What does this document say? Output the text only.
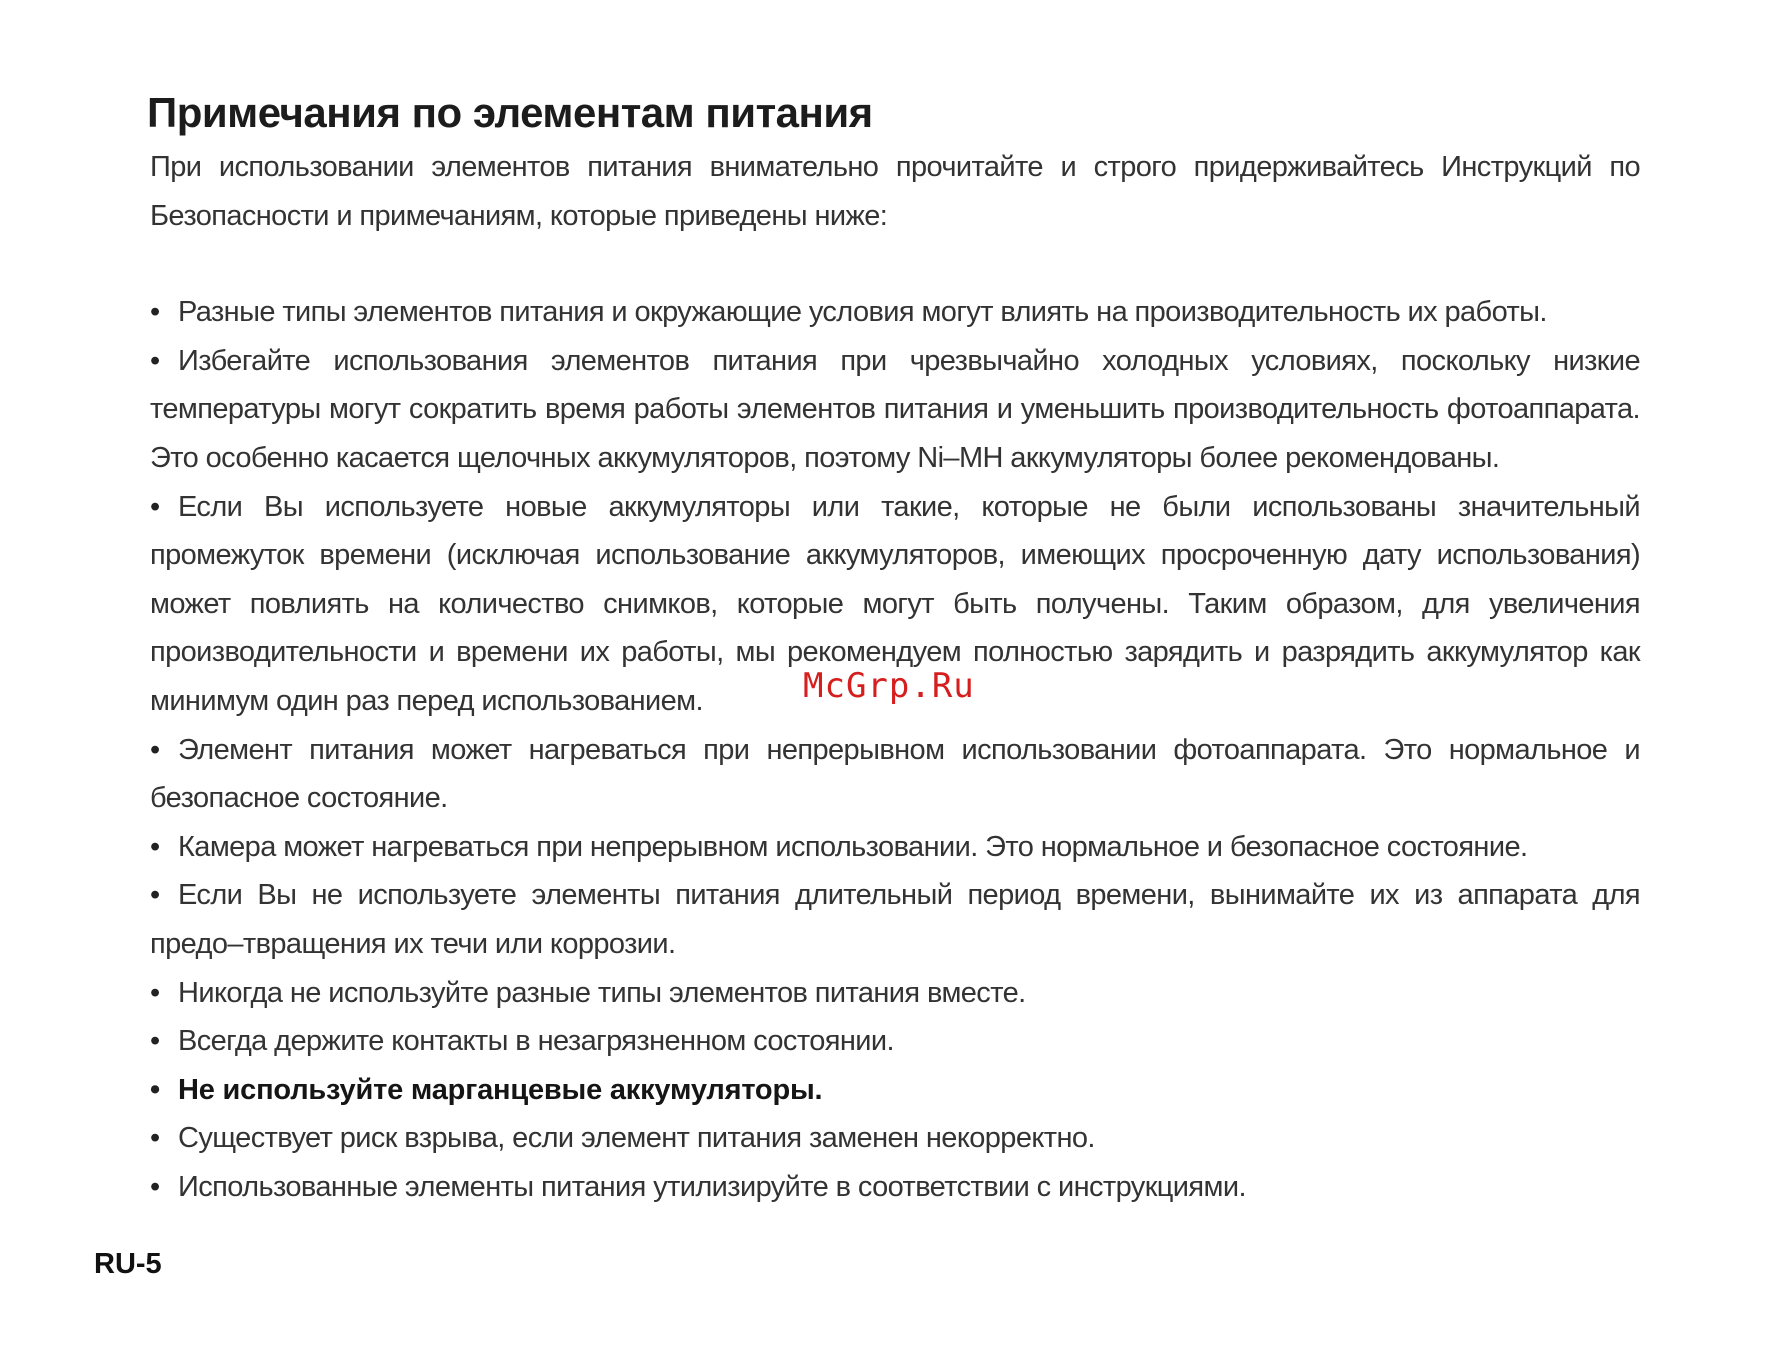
Примечания по элементам питания

При использовании элементов питания внимательно прочитайте и строго придерживайтесь Инструкций по Безопасности и примечаниям, которые приведены ниже:

• Разные типы элементов питания и окружающие условия могут влиять на производительность их работы.

• Избегайте использования элементов питания при чрезвычайно холодных условиях, поскольку низкие температуры могут сократить время работы элементов питания и уменьшить производительность фотоаппарата. Это особенно касается щелочных аккумуляторов, поэтому Ni–MH аккумуляторы более рекомендованы.

• Если Вы используете новые аккумуляторы или такие, которые не были использованы значительный промежуток времени (исключая использование аккумуляторов, имеющих просроченную дату использования) может повлиять на количество снимков, которые могут быть получены. Таким образом, для увеличения производительности и времени их работы, мы рекомендуем полностью зарядить и разрядить аккумулятор как минимум один раз перед использованием.

• Элемент питания может нагреваться при непрерывном использовании фотоаппарата. Это нормальное и безопасное состояние.

• Камера может нагреваться при непрерывном использовании. Это нормальное и безопасное состояние.

• Если Вы не используете элементы питания длительный период времени, вынимайте их из аппарата для предо–твращения их течи или коррозии.

• Никогда не используйте разные типы элементов питания вместе.

• Всегда держите контакты в незагрязненном состоянии.

• Не используйте марганцевые аккумуляторы.

• Существует риск взрыва, если элемент питания заменен некорректно.

• Использованные элементы питания утилизируйте в соответствии с инструкциями.

McGrp.Ru
RU-5
